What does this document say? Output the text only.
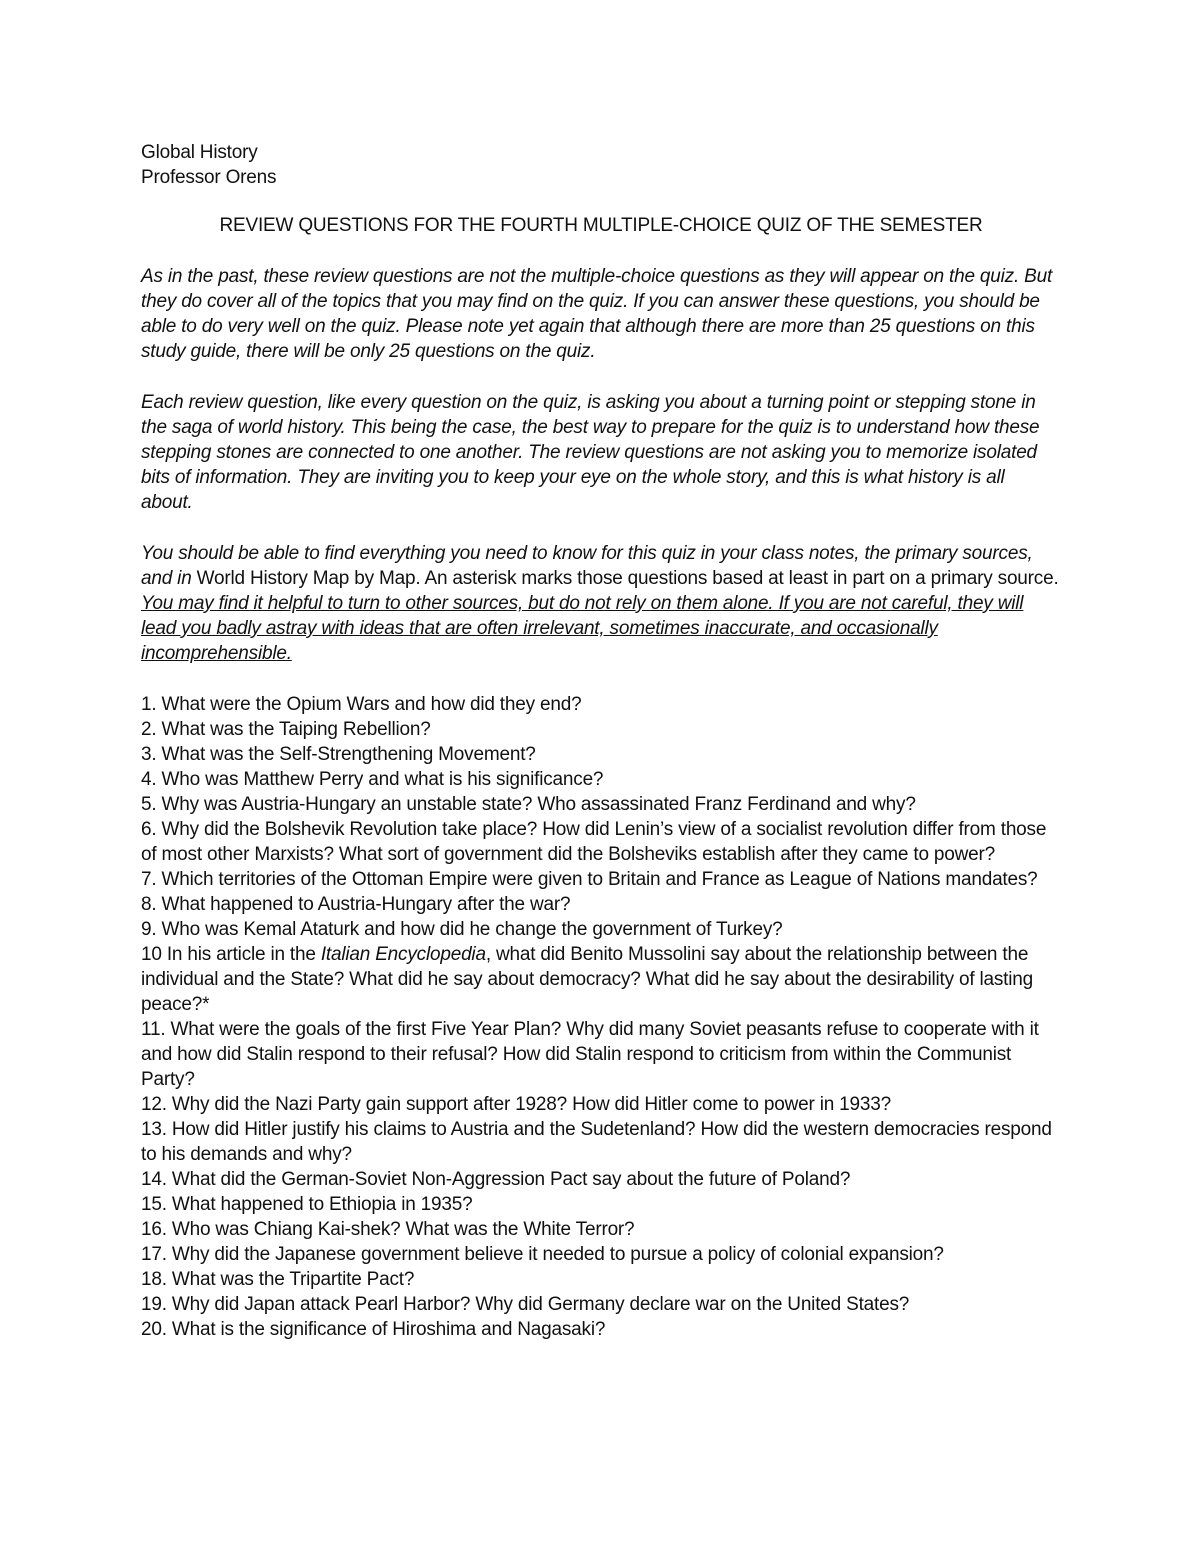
Global History

Professor Orens

REVIEW QUESTIONS FOR THE FOURTH MULTIPLE-CHOICE QUIZ OF THE SEMESTER

As in the past, these review questions are not the multiple-choice questions as they will appear on the quiz. But they do cover all of the topics that you may find on the quiz. If you can answer these questions, you should be able to do very well on the quiz. Please note yet again that although there are more than 25 questions on this study guide, there will be only 25 questions on the quiz.

Each review question, like every question on the quiz, is asking you about a turning point or stepping stone in the saga of world history. This being the case, the best way to prepare for the quiz is to understand how these stepping stones are connected to one another. The review questions are not asking you to memorize isolated bits of information. They are inviting you to keep your eye on the whole story, and this is what history is all about.

You should be able to find everything you need to know for this quiz in your class notes, the primary sources, and in World History Map by Map. An asterisk marks those questions based at least in part on a primary source. You may find it helpful to turn to other sources, but do not rely on them alone. If you are not careful, they will lead you badly astray with ideas that are often irrelevant, sometimes inaccurate, and occasionally incomprehensible.

1. What were the Opium Wars and how did they end?
2. What was the Taiping Rebellion?
3. What was the Self-Strengthening Movement?
4. Who was Matthew Perry and what is his significance?
5. Why was Austria-Hungary an unstable state? Who assassinated Franz Ferdinand and why?
6. Why did the Bolshevik Revolution take place? How did Lenin’s view of a socialist revolution differ from those of most other Marxists? What sort of government did the Bolsheviks establish after they came to power?
7. Which territories of the Ottoman Empire were given to Britain and France as League of Nations mandates?
8. What happened to Austria-Hungary after the war?
9. Who was Kemal Ataturk and how did he change the government of Turkey?
10 In his article in the Italian Encyclopedia, what did Benito Mussolini say about the relationship between the individual and the State? What did he say about democracy? What did he say about the desirability of lasting peace?*
11. What were the goals of the first Five Year Plan? Why did many Soviet peasants refuse to cooperate with it and how did Stalin respond to their refusal? How did Stalin respond to criticism from within the Communist Party?
12. Why did the Nazi Party gain support after 1928? How did Hitler come to power in 1933?
13. How did Hitler justify his claims to Austria and the Sudetenland? How did the western democracies respond to his demands and why?
14. What did the German-Soviet Non-Aggression Pact say about the future of Poland?
15. What happened to Ethiopia in 1935?
16. Who was Chiang Kai-shek? What was the White Terror?
17. Why did the Japanese government believe it needed to pursue a policy of colonial expansion?
18. What was the Tripartite Pact?
19. Why did Japan attack Pearl Harbor? Why did Germany declare war on the United States?
20. What is the significance of Hiroshima and Nagasaki?
